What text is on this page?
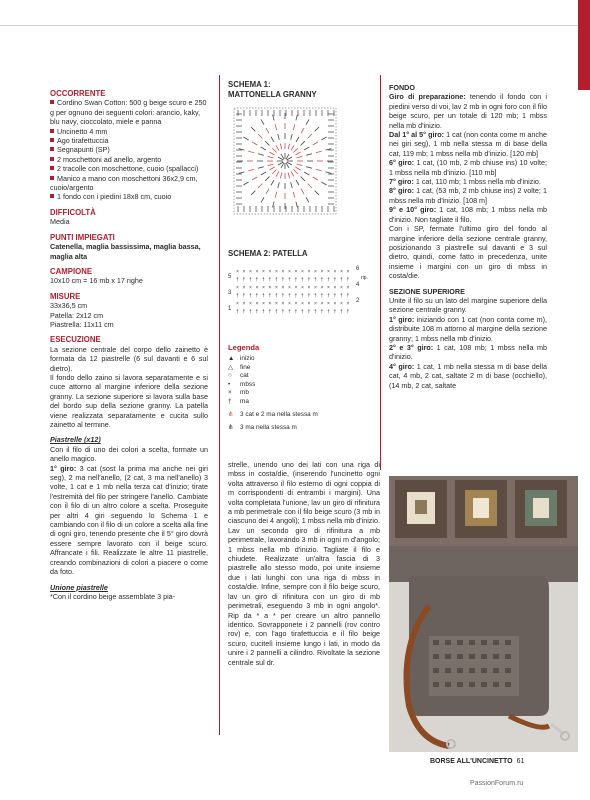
OCCORRENTE

Cordino Swan Cotton: 500 g beige scuro e 250 g per ognuno dei seguenti colori: arancio, kaky, blu navy, cioccolato, miele e panna

Uncinetto 4 mm

Ago tirafettuccia

Segnapunti (SP)

2 moschettoni ad anello, argento

2 tracolle con moschettone, cuoio (spallacci)

Manico a mano con moschettoni 36x2,9 cm, cuoio/argento

1 fondo con i piedini 18x8 cm, cuoio

DIFFICOLTÀ

Media

PUNTI IMPIEGATI

Catenella, maglia bassissima, maglia bassa, maglia alta

CAMPIONE

10x10 cm = 16 mb x 17 righe

MISURE

33x36,5 cm

Patella: 2x12 cm

Piastrella: 11x11 cm

ESECUZIONE

La sezione centrale del corpo dello zainetto è formata da 12 piastrelle (6 sul davanti e 6 sul dietro).

Il fondo dello zaino si lavora separatamente e si cuce attorno al margine inferiore della sezione granny. La sezione superiore si lavora sulla base del bordo sup della sezione granny. La patella viene realizzata separatamente e cucita sullo zainetto al termine.

Piastrelle (x12)

Con il filo di uno dei colori a scelta, formate un anello magico.

1° giro: 3 cat (sost la prima ma anche nei giri seg), 2 ma nell'anello, (2 cat, 3 ma nell'anello) 3 volte, 1 cat e 1 mb nella terza cat d'inizio; tirate l'estremità del filo per stringere l'anello. Cambiate con il filo di un altro colore a scelta. Proseguite per altri 4 giri seguendo lo Schema 1 e cambiando con il filo di un colore a scelta alla fine di ogni giro, tenendo presente che il 5° giro dovrà essere sempre lavorato con il beige scuro. Affrancate i fili. Realizzate le altre 11 piastrelle, creando combinazioni di colori a piacere o come da foto.

Unione piastrelle

*Con il cordino beige assemblate 3 pia-

SCHEMA 1:
MATTONELLA GRANNY
SCHEMA 2: PATELLA
× × × × × × × × × × × × × × × × × ×
† † † † † † † † † † † † † † † † † †
× × × × × × × × × × × × × × × × × ×
† † † † † † † † † † † † † † † † † †
× × × × × × × × × × × × × × × × × ×
† † † † † † † † † † † † † † † † † †
5
3
1
6
4
2
rip.
Legenda
▲ inizio
△ fine
○ cat
• mbss
× mb
† ma
⋔ 3 cat e 2 ma nella stessa m
⋔ 3 ma nella stessa m
strelle, unendo uno dei lati con una riga di mbss in costa/die, (inserendo l'uncinetto ogni volta attraverso il filo esterno di ogni coppia di m corrispondenti di entrambi i margini). Una volta completata l'unione, lav un giro di rifinitura a mb perimetrale con il filo beige scuro (3 mb in ciascuno dei 4 angoli); 1 mbss nella mb d'inizio. Lav un secondo giro di rifinitura a mb perimetrale, lavorando 3 mb in ogni m d'angolo; 1 mbss nella mb d'inizio. Tagliate il filo e chiudete. Realizzate un'altra fascia di 3 piastrelle allo stesso modo, poi unite insieme due i lati lunghi con una riga di mbss in costa/die. Infine, sempre con il filo beige scuro, lav un giro di rifinitura con un giro di mb perimetrali, eseguendo 3 mb in ogni angolo*. Rip da * a * per creare un altro pannello identico. Sovrapponete i 2 pannelli (rov contro rov) e, con l'ago tirafettuccia e il filo beige scuro, cucitelì insieme lungo i lati, in modo da unire i 2 pannelli a cilindro. Rivoltate la sezione centrale sul dr.

FONDO

Giro di preparazione: tenendo il fondo con i piedini verso di voi, lav 2 mb in ogni foro con il filo beige scuro, per un totale di 120 mb; 1 mbss nella mb d'inizio.

Dal 1° al 5° giro: 1 cat (non conta come m anche nei giri seg), 1 mb nella stessa m di base della cat, 119 mb; 1 mbss nella mb d'inizio. [120 mb]

6° giro: 1 cat, (10 mb, 2 mb chiuse ins) 10 volte; 1 mbss nella mb d'inizio. [110 mb]

7° giro: 1 cat, 110 mb; 1 mbss nella mb d'inizio.

8° giro: 1 cat, (53 mb, 2 mb chiuse ins) 2 volte; 1 mbss nella mb d'inizio. [108 m]

9° e 10° giro: 1 cat, 108 mb; 1 mbss nella mb d'inizio. Non tagliate il filo.

Con i SP, fermate l'ultimo giro del fondo al margine inferiore della sezione centrale granny, posizionando 3 piastrelle sul davanti e 3 sul dietro, quindi, come fatto in precedenza, unite insieme i margini con un giro di mbss in costa/die.

SEZIONE SUPERIORE

Unite il filo su un lato del margine superiore della sezione centrale granny.

1° giro: iniziando con 1 cat (non conta come m), distribuite 108 m attorno al margine della sezione granny; 1 mbss nella mb d'inizio.

2° e 3° giro: 1 cat, 108 mb; 1 mbss nella mb d'inizio.

4° giro: 1 cat, 1 mb nella stessa m di base della cat, 4 mb, 2 cat, saltate 2 m di base (occhiello), (14 mb, 2 cat, saltate

BORSE ALL'UNCINETTO 61
PassionForum.ru
